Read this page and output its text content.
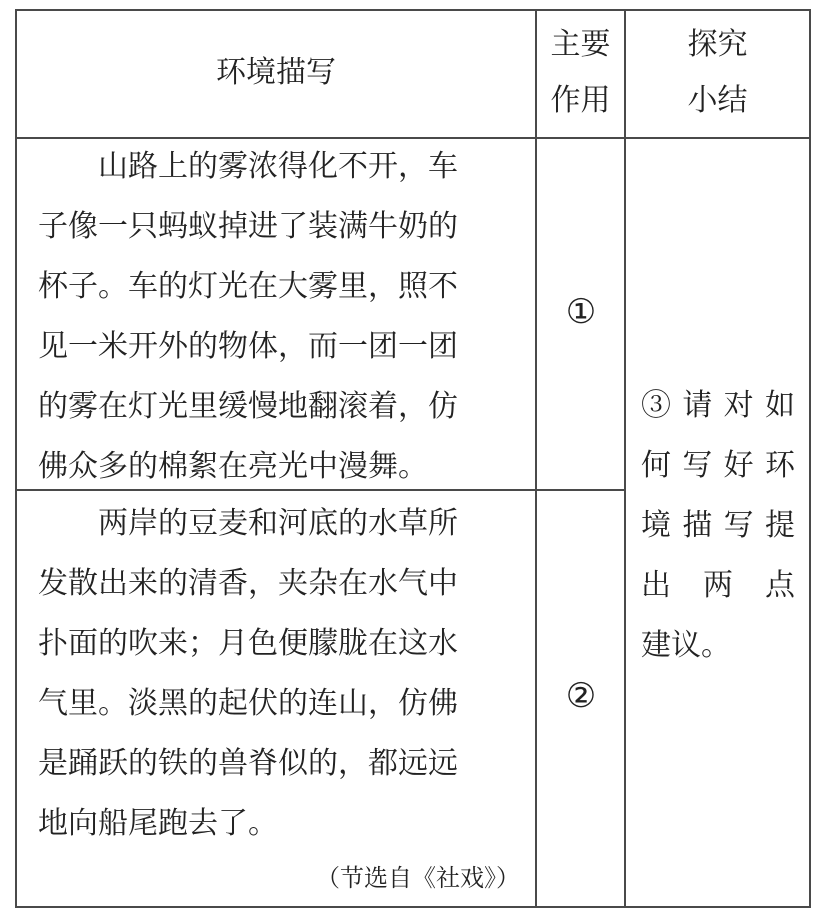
环境描写
主要
作用
探究
小结

山路上的雾浓得化不开，车

子像一只蚂蚁掉进了装满牛奶的

杯子。车的灯光在大雾里，照不

见一米开外的物体，而一团一团

的雾在灯光里缓慢地翻滚着，仿

佛众多的棉絮在亮光中漫舞。

①

两岸的豆麦和河底的水草所

发散出来的清香，夹杂在水气中

扑面的吹来；月色便朦胧在这水

气里。淡黑的起伏的连山，仿佛

是踊跃的铁的兽脊似的，都远远

地向船尾跑去了。

（节选自《社戏》）
②

③请对如

何写好环

境描写提

出两点

建议。
